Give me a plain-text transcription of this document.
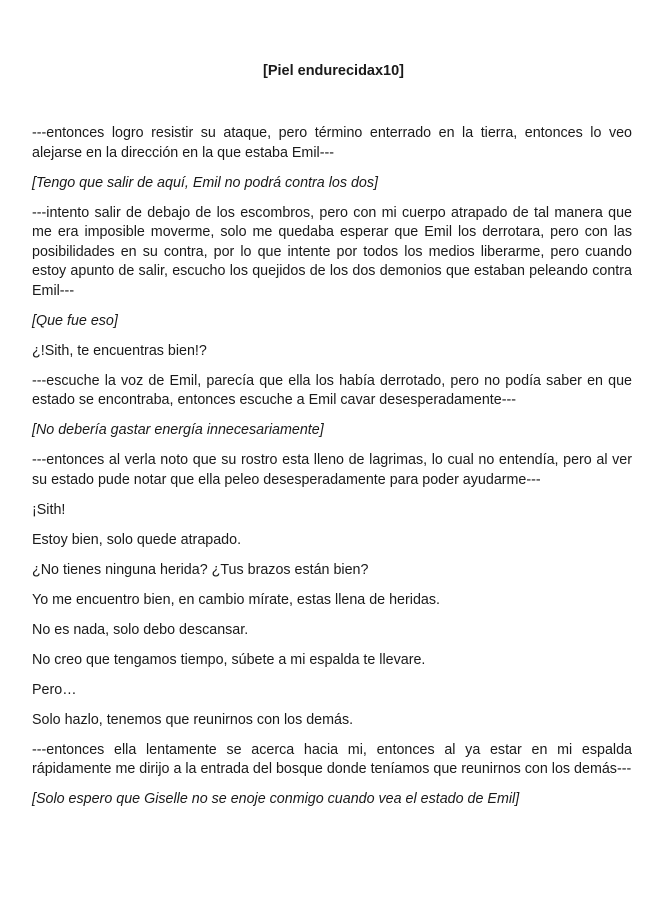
[Piel endurecidax10]

---entonces logro resistir su ataque, pero término enterrado en la tierra, entonces lo veo alejarse en la dirección en la que estaba Emil---

[Tengo que salir de aquí, Emil no podrá contra los dos]

---intento salir de debajo de los escombros, pero con mi cuerpo atrapado de tal manera que me era imposible moverme, solo me quedaba esperar que Emil los derrotara, pero con las posibilidades en su contra, por lo que intente por todos los medios liberarme, pero cuando estoy apunto de salir, escucho los quejidos de los dos demonios que estaban peleando contra Emil---

[Que fue eso]

¿!Sith, te encuentras bien!?

---escuche la voz de Emil, parecía que ella los había derrotado, pero no podía saber en que estado se encontraba, entonces escuche a Emil cavar desesperadamente---

[No debería gastar energía innecesariamente]

---entonces al verla noto que su rostro esta lleno de lagrimas, lo cual no entendía, pero al ver su estado pude notar que ella peleo desesperadamente para poder ayudarme---

¡Sith!

Estoy bien, solo quede atrapado.

¿No tienes ninguna herida? ¿Tus brazos están bien?

Yo me encuentro bien, en cambio mírate, estas llena de heridas.

No es nada, solo debo descansar.

No creo que tengamos tiempo, súbete a mi espalda te llevare.

Pero…

Solo hazlo, tenemos que reunirnos con los demás.

---entonces ella lentamente se acerca hacia mi, entonces al ya estar en mi espalda rápidamente me dirijo a la entrada del bosque donde teníamos que reunirnos con los demás---

[Solo espero que Giselle no se enoje conmigo cuando vea el estado de Emil]
